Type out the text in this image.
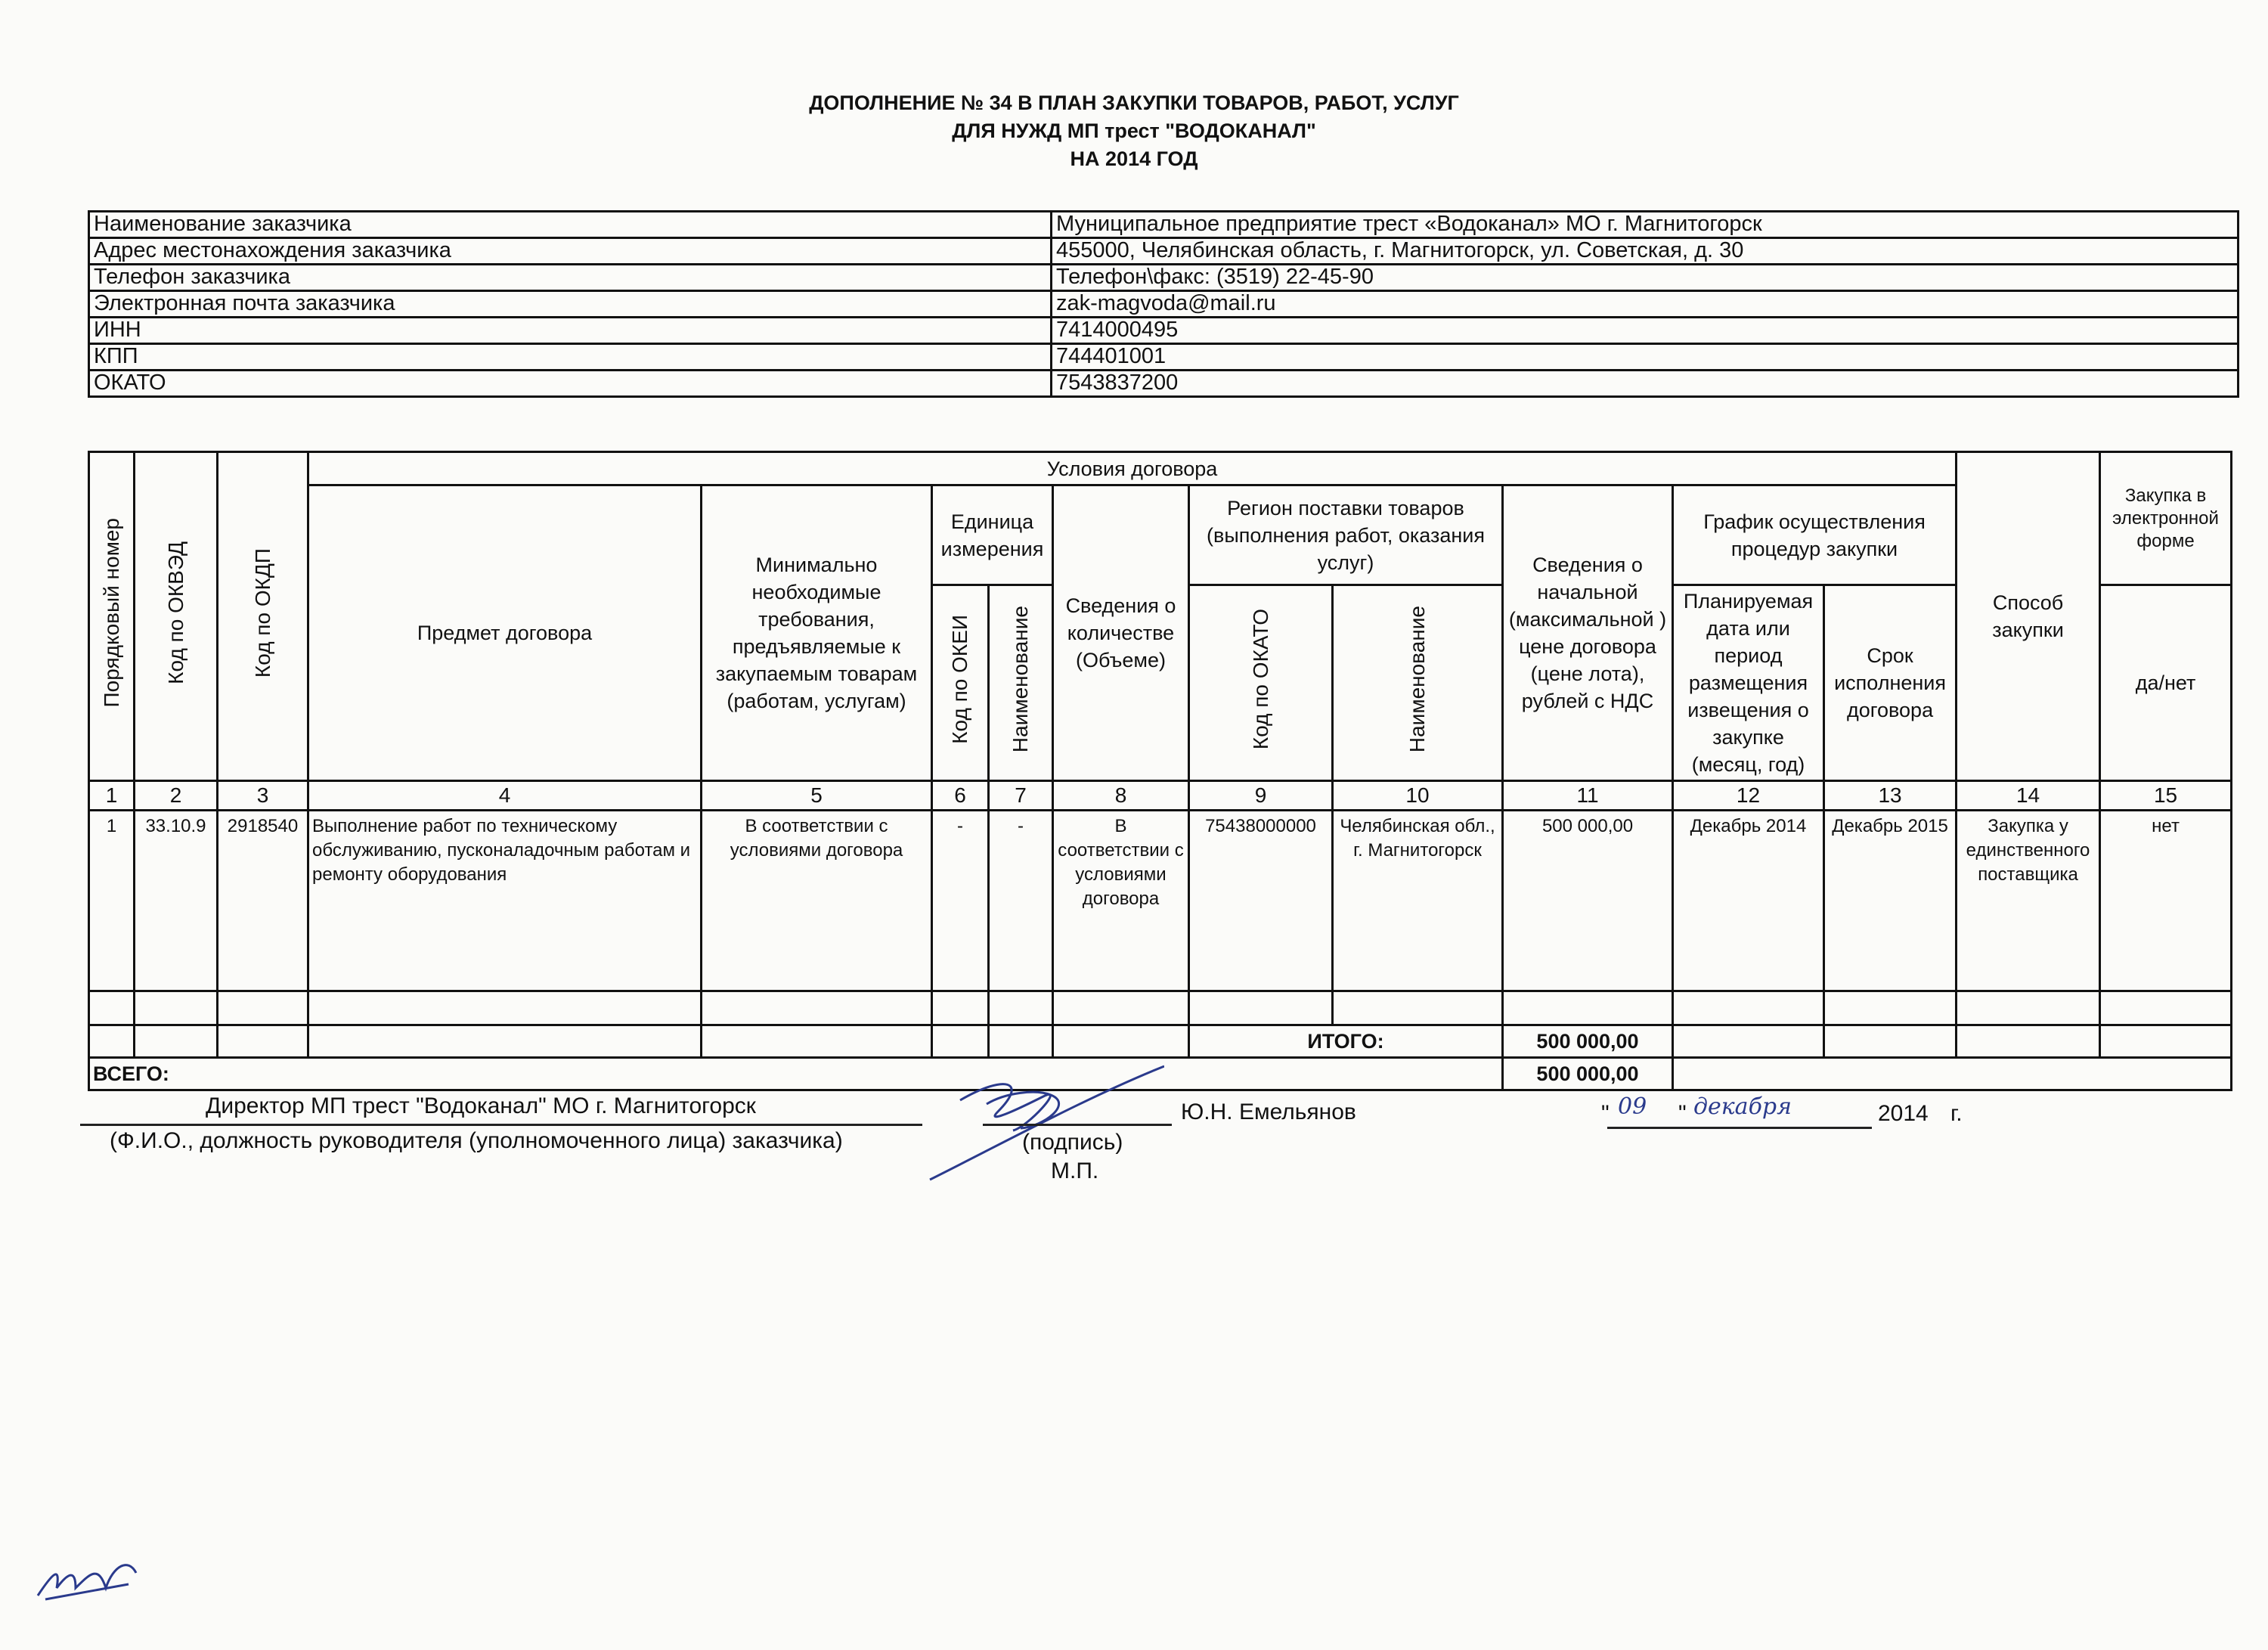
ДОПОЛНЕНИЕ № 34 В ПЛАН ЗАКУПКИ ТОВАРОВ, РАБОТ, УСЛУГ
ДЛЯ НУЖД МП трест "ВОДОКАНАЛ"
НА 2014 ГОД
Наименование заказчика	Муниципальное предприятие трест «Водоканал» МО г. Магнитогорск
Адрес местонахождения заказчика	455000, Челябинская область, г. Магнитогорск, ул. Советская, д. 30
Телефон заказчика	Телефон\факс: (3519) 22-45-90
Электронная почта заказчика	zak-magvoda@mail.ru
ИНН	7414000495
КПП	744401001
ОКАТО	7543837200
Порядковый номер	Код по ОКВЭД	Код по ОКДП	Условия договора										Способ закупки	Закупка в электронной форме
			Предмет договора	Минимально необходимые требования, предъявляемые к закупаемым товарам (работам, услугам)	Единица измерения		Сведения о количестве (Объеме)	Регион поставки товаров (выполнения работ, оказания услуг)		Сведения о начальной (максимальной ) цене договора (цене лота), рублей с НДС	График осуществления процедур закупки			
					Код по ОКЕИ	Наименование		Код по ОКАТО	Наименование		Планируемая дата или период размещения извещения о закупке (месяц, год)	Срок исполнения договора		да/нет
1	2	3	4	5	6	7	8	9	10	11	12	13	14	15
1	33.10.9	2918540	Выполнение работ по техническому обслуживанию, пусконаладочным работам и ремонту оборудования	В соответствии с условиями договора	-	-	В соответствии с условиями договора	75438000000	Челябинская обл., г. Магнитогорск	500 000,00	Декабрь 2014	Декабрь 2015	Закупка у единственного поставщика	нет

								ИТОГО:		500 000,00				
ВСЕГО:										500 000,00				
Директор МП трест "Водоканал" МО г. Магнитогорск
(Ф.И.О., должность руководителя (уполномоченного лица) заказчика)	(подпись)
М.П.
Ю.Н. Емельянов	" 09 " декабря	2014 г.
